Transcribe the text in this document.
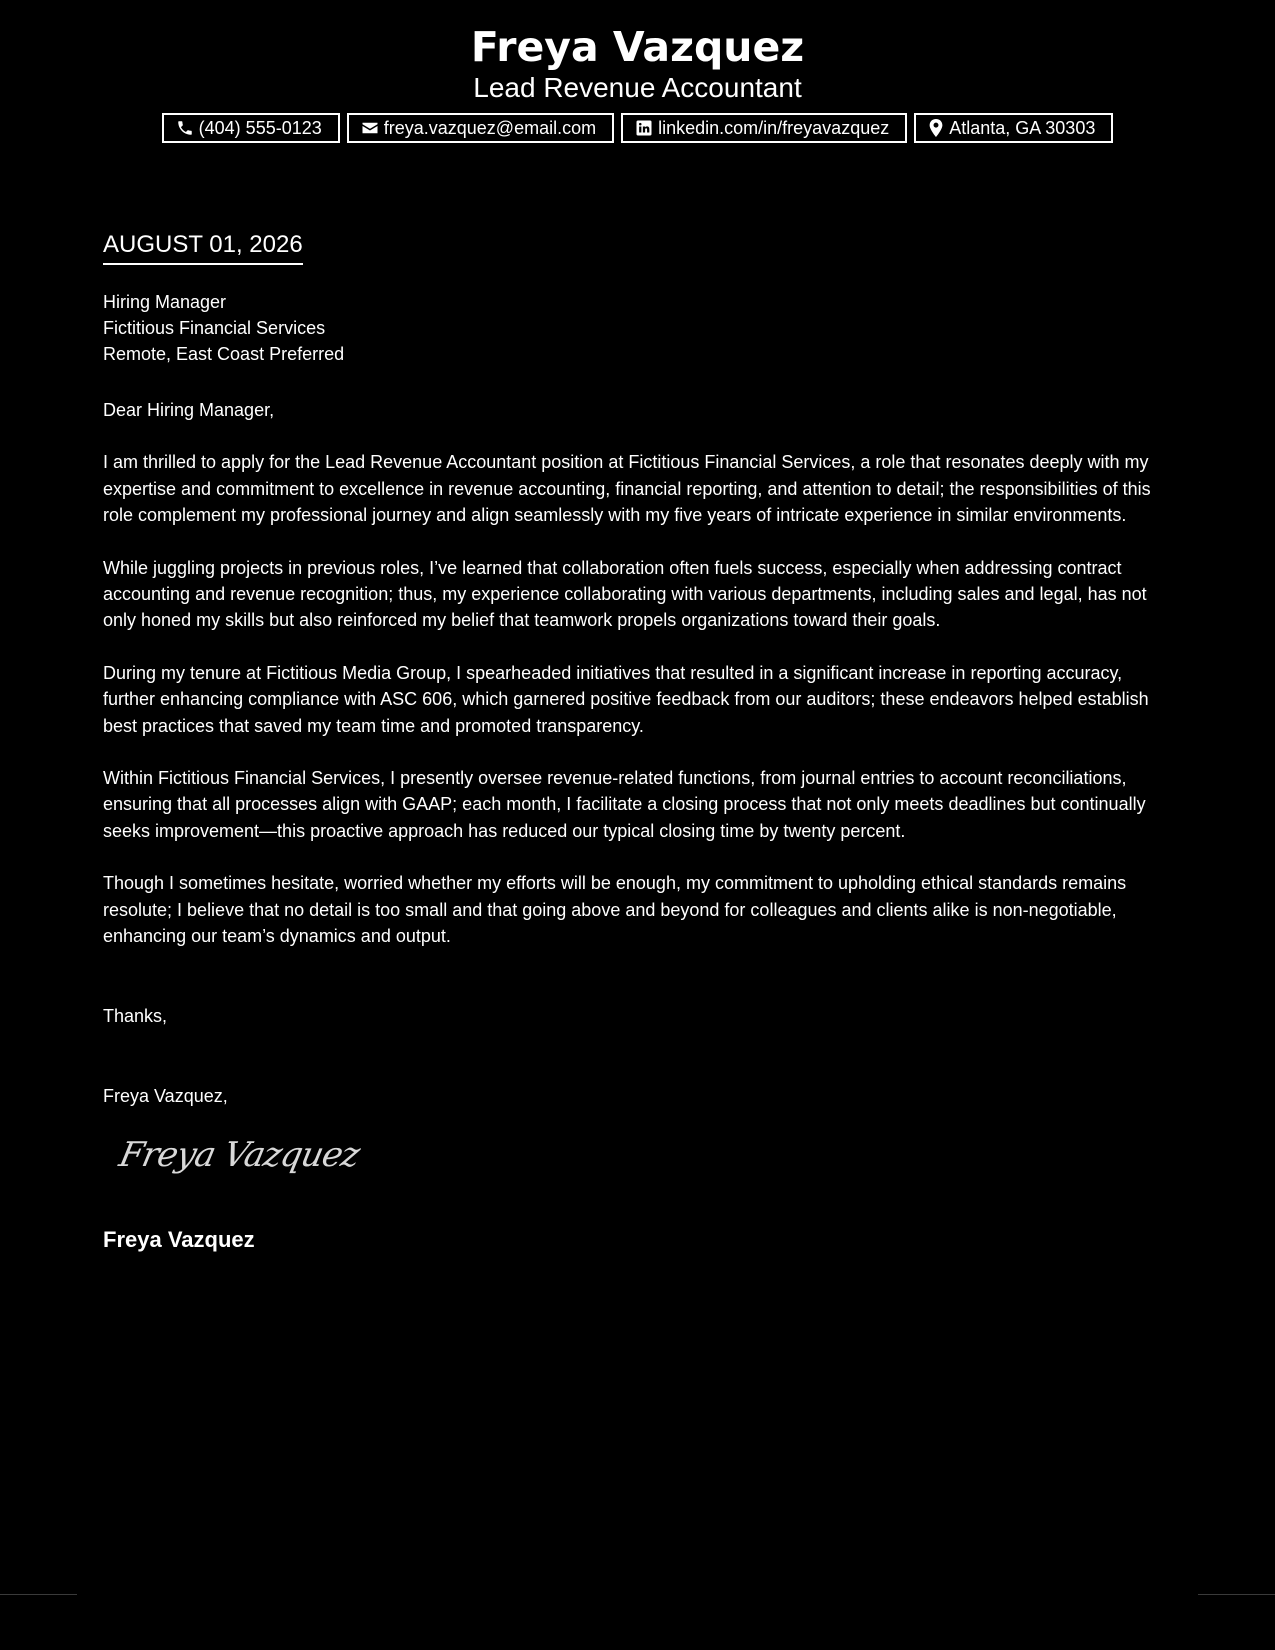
Freya Vazquez
Lead Revenue Accountant
(404) 555-0123	freya.vazquez@email.com	linkedin.com/in/freyavazquez	Atlanta, GA 30303
AUGUST 01, 2026
Hiring Manager
Fictitious Financial Services
Remote, East Coast Preferred

Dear Hiring Manager,

I am thrilled to apply for the Lead Revenue Accountant position at Fictitious Financial Services, a role that resonates deeply with my expertise and commitment to excellence in revenue accounting, financial reporting, and attention to detail; the responsibilities of this role complement my professional journey and align seamlessly with my five years of intricate experience in similar environments.

While juggling projects in previous roles, I’ve learned that collaboration often fuels success, especially when addressing contract accounting and revenue recognition; thus, my experience collaborating with various departments, including sales and legal, has not only honed my skills but also reinforced my belief that teamwork propels organizations toward their goals.

During my tenure at Fictitious Media Group, I spearheaded initiatives that resulted in a significant increase in reporting accuracy, further enhancing compliance with ASC 606, which garnered positive feedback from our auditors; these endeavors helped establish best practices that saved my team time and promoted transparency.

Within Fictitious Financial Services, I presently oversee revenue-related functions, from journal entries to account reconciliations, ensuring that all processes align with GAAP; each month, I facilitate a closing process that not only meets deadlines but continually seeks improvement—this proactive approach has reduced our typical closing time by twenty percent.

Though I sometimes hesitate, worried whether my efforts will be enough, my commitment to upholding ethical standards remains resolute; I believe that no detail is too small and that going above and beyond for colleagues and clients alike is non-negotiable, enhancing our team’s dynamics and output.

Thanks,
Freya Vazquez,
Freya Vazquez
Freya Vazquez
